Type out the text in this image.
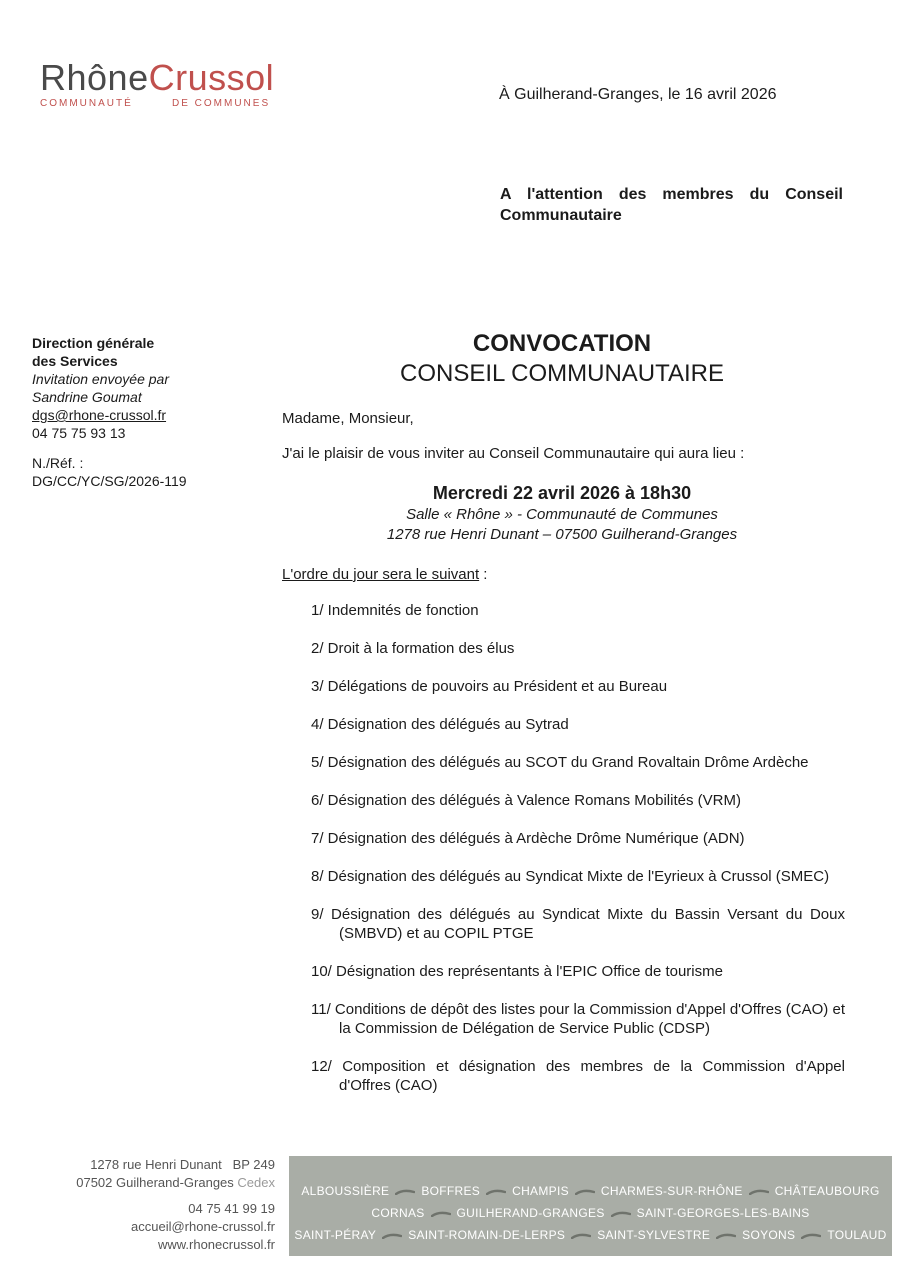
RhôneCrussol
COMMUNAUTÉ	DE COMMUNES
À Guilherand-Granges, le 16 avril 2026
A l'attention des membres du Conseil Communautaire
Direction générale
des Services
Invitation envoyée par
Sandrine Goumat
dgs@rhone-crussol.fr
04 75 75 93 13
N./Réf. :
DG/CC/YC/SG/2026-119
CONVOCATION
CONSEIL COMMUNAUTAIRE
Madame, Monsieur,
J'ai le plaisir de vous inviter au Conseil Communautaire qui aura lieu :
Mercredi 22 avril 2026 à 18h30
Salle « Rhône » - Communauté de Communes
1278 rue Henri Dunant – 07500 Guilherand-Granges
L'ordre du jour sera le suivant :
1/ Indemnités de fonction
2/ Droit à la formation des élus
3/ Délégations de pouvoirs au Président et au Bureau
4/ Désignation des délégués au Sytrad
5/ Désignation des délégués au SCOT du Grand Rovaltain Drôme Ardèche
6/ Désignation des délégués à Valence Romans Mobilités (VRM)
7/ Désignation des délégués à Ardèche Drôme Numérique (ADN)
8/ Désignation des délégués au Syndicat Mixte de l'Eyrieux à Crussol (SMEC)
9/ Désignation des délégués au Syndicat Mixte du Bassin Versant du Doux (SMBVD) et au COPIL PTGE
10/ Désignation des représentants à l'EPIC Office de tourisme
11/ Conditions de dépôt des listes pour la Commission d'Appel d'Offres (CAO) et la Commission de Délégation de Service Public (CDSP)
12/ Composition et désignation des membres de la Commission d'Appel d'Offres (CAO)
1278 rue Henri Dunant BP 249
07502 Guilherand-Granges Cedex
04 75 41 99 19
accueil@rhone-crussol.fr
www.rhonecrussol.fr
ALBOUSSIÈRE	BOFFRES	CHAMPIS	CHARMES-SUR-RHÔNE	CHÂTEAUBOURG
CORNAS	GUILHERAND-GRANGES	SAINT-GEORGES-LES-BAINS
SAINT-PÉRAY	SAINT-ROMAIN-DE-LERPS	SAINT-SYLVESTRE	SOYONS	TOULAUD
